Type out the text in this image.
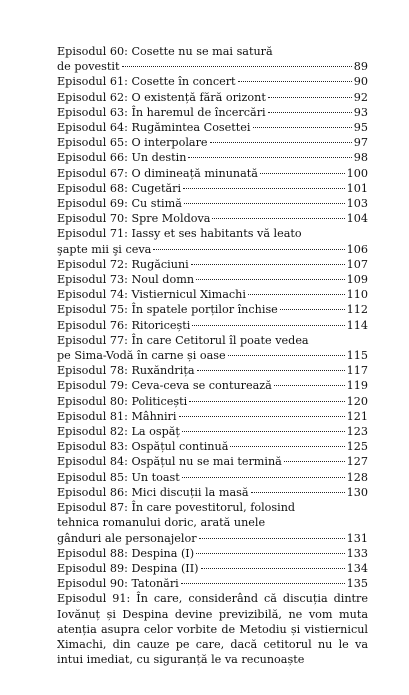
Episodul 60: Cosette nu se mai satură
de povestit	89
Episodul 61: Cosette în concert	90
Episodul 62: O existență fără orizont	92
Episodul 63: În haremul de încercări	93
Episodul 64: Rugămintea Cosettei	95
Episodul 65: O interpolare	97
Episodul 66: Un destin	98
Episodul 67: O dimineață minunată	100
Episodul 68: Cugetări	101
Episodul 69: Cu stimă	103
Episodul 70: Spre Moldova	104
Episodul 71: Iassy et ses habitants vă leato
şapte mii şi ceva	106
Episodul 72: Rugăciuni	107
Episodul 73: Noul domn	109
Episodul 74: Vistiernicul Ximachi	110
Episodul 75: În spatele porților închise	112
Episodul 76: Ritoricești	114
Episodul 77: În care Cetitorul îl poate vedea
pe Sima-Vodă în carne și oase	115
Episodul 78: Ruxăndrița	117
Episodul 79: Ceva-ceva se conturează	119
Episodul 80: Politicești	120
Episodul 81: Mâhniri	121
Episodul 82: La ospăț	123
Episodul 83: Ospățul continuă	125
Episodul 84: Ospățul nu se mai termină	127
Episodul 85: Un toast	128
Episodul 86: Mici discuții la masă	130
Episodul 87: În care povestitorul, folosind
tehnica romanului doric, arată unele
gânduri ale personajelor	131
Episodul 88: Despina (I)	133
Episodul 89: Despina (II)	134
Episodul 90: Tatonări	135
Episodul 91: În care, considerând că discuția dintre Iovănuț și Despina devine previzibilă, ne vom muta atenția asupra celor vorbite de Metodiu și vistiernicul Ximachi, din cauze pe care, dacă cetitorul nu le va intui imediat, cu siguranță le va recunoaște
